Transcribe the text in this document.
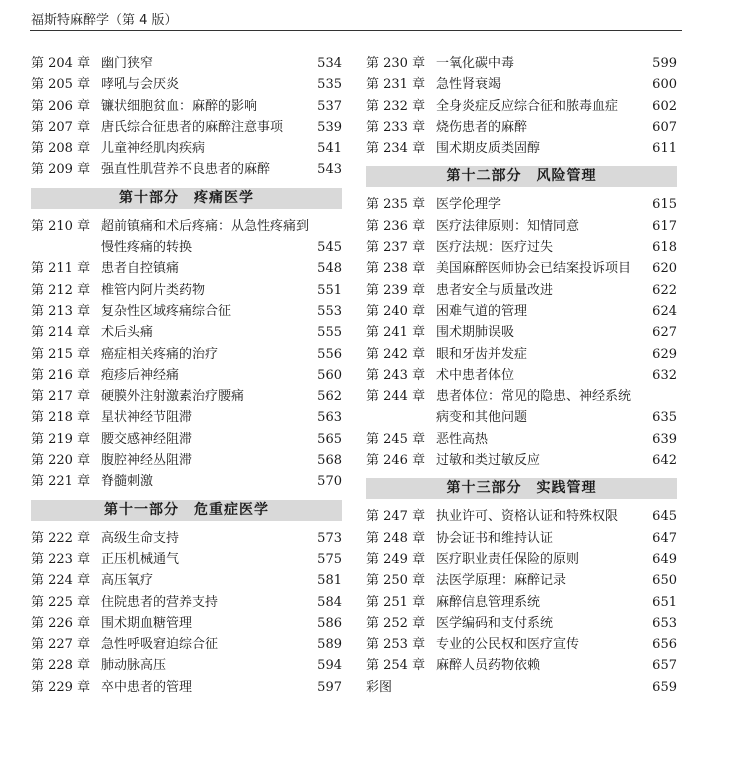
福斯特麻醉学（第 4 版）
第 204 章 幽门狭窄	534
第 205 章 哮吼与会厌炎	535
第 206 章 镰状细胞贫血：麻醉的影响	537
第 207 章 唐氏综合征患者的麻醉注意事项	539
第 208 章 儿童神经肌肉疾病	541
第 209 章 强直性肌营养不良患者的麻醉	543
第十部分　疼痛医学
第 210 章 超前镇痛和术后疼痛：从急性疼痛到
慢性疼痛的转换	545
第 211 章 患者自控镇痛	548
第 212 章 椎管内阿片类药物	551
第 213 章 复杂性区域疼痛综合征	553
第 214 章 术后头痛	555
第 215 章 癌症相关疼痛的治疗	556
第 216 章 疱疹后神经痛	560
第 217 章 硬膜外注射激素治疗腰痛	562
第 218 章 星状神经节阻滞	563
第 219 章 腰交感神经阻滞	565
第 220 章 腹腔神经丛阻滞	568
第 221 章 脊髓刺激	570
第十一部分　危重症医学
第 222 章 高级生命支持	573
第 223 章 正压机械通气	575
第 224 章 高压氧疗	581
第 225 章 住院患者的营养支持	584
第 226 章 围术期血糖管理	586
第 227 章 急性呼吸窘迫综合征	589
第 228 章 肺动脉高压	594
第 229 章 卒中患者的管理	597
第 230 章 一氧化碳中毒	599
第 231 章 急性肾衰竭	600
第 232 章 全身炎症反应综合征和脓毒血症	602
第 233 章 烧伤患者的麻醉	607
第 234 章 围术期皮质类固醇	611
第十二部分　风险管理
第 235 章 医学伦理学	615
第 236 章 医疗法律原则：知情同意	617
第 237 章 医疗法规：医疗过失	618
第 238 章 美国麻醉医师协会已结案投诉项目 620
第 239 章 患者安全与质量改进	622
第 240 章 困难气道的管理	624
第 241 章 围术期肺误吸	627
第 242 章 眼和牙齿并发症	629
第 243 章 术中患者体位	632
第 244 章 患者体位：常见的隐患、神经系统
病变和其他问题	635
第 245 章 恶性高热	639
第 246 章 过敏和类过敏反应	642
第十三部分　实践管理
第 247 章 执业许可、资格认证和特殊权限	645
第 248 章 协会证书和维持认证	647
第 249 章 医疗职业责任保险的原则	649
第 250 章 法医学原理：麻醉记录	650
第 251 章 麻醉信息管理系统	651
第 252 章 医学编码和支付系统	653
第 253 章 专业的公民权和医疗宣传	656
第 254 章 麻醉人员药物依赖	657
彩图	659
